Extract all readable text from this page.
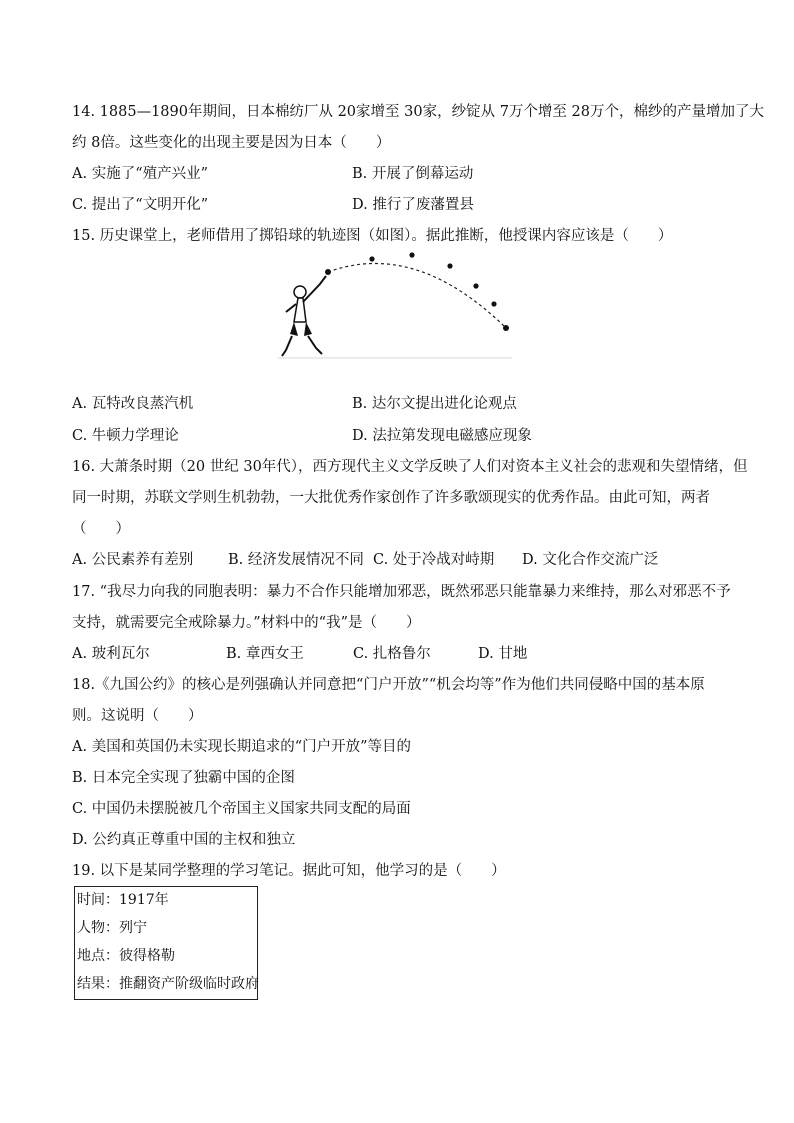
14. 1885—1890年期间，日本棉纺厂从 20家增至 30家，纱锭从 7万个增至 28万个，棉纱的产量增加了大
约 8倍。这些变化的出现主要是因为日本（　　）
A. 实施了“殖产兴业”	B. 开展了倒幕运动
C. 提出了“文明开化”	D. 推行了废藩置县
15. 历史课堂上，老师借用了掷铅球的轨迹图（如图）。据此推断，他授课内容应该是（　　）
A. 瓦特改良蒸汽机	B. 达尔文提出进化论观点
C. 牛顿力学理论	D. 法拉第发现电磁感应现象
16. 大萧条时期（20 世纪 30年代），西方现代主义文学反映了人们对资本主义社会的悲观和失望情绪，但
同一时期，苏联文学则生机勃勃，一大批优秀作家创作了许多歌颂现实的优秀作品。由此可知，两者
（　　）
A. 公民素养有差别 B. 经济发展情况不同 C. 处于冷战对峙期 D. 文化合作交流广泛
17. “我尽力向我的同胞表明：暴力不合作只能增加邪恶，既然邪恶只能靠暴力来维持，那么对邪恶不予
支持，就需要完全戒除暴力。”材料中的“我”是（　　）
A. 玻利瓦尔	B. 章西女王	C. 扎格鲁尔	D. 甘地
18.《九国公约》的核心是列强确认并同意把“门户开放”“机会均等”作为他们共同侵略中国的基本原
则。这说明（　　）
A. 美国和英国仍未实现长期追求的“门户开放”等目的
B. 日本完全实现了独霸中国的企图
C. 中国仍未摆脱被几个帝国主义国家共同支配的局面
D. 公约真正尊重中国的主权和独立
19. 以下是某同学整理的学习笔记。据此可知，他学习的是（　　）
时间：1917年
人物：列宁
地点：彼得格勒
结果：推翻资产阶级临时政府
